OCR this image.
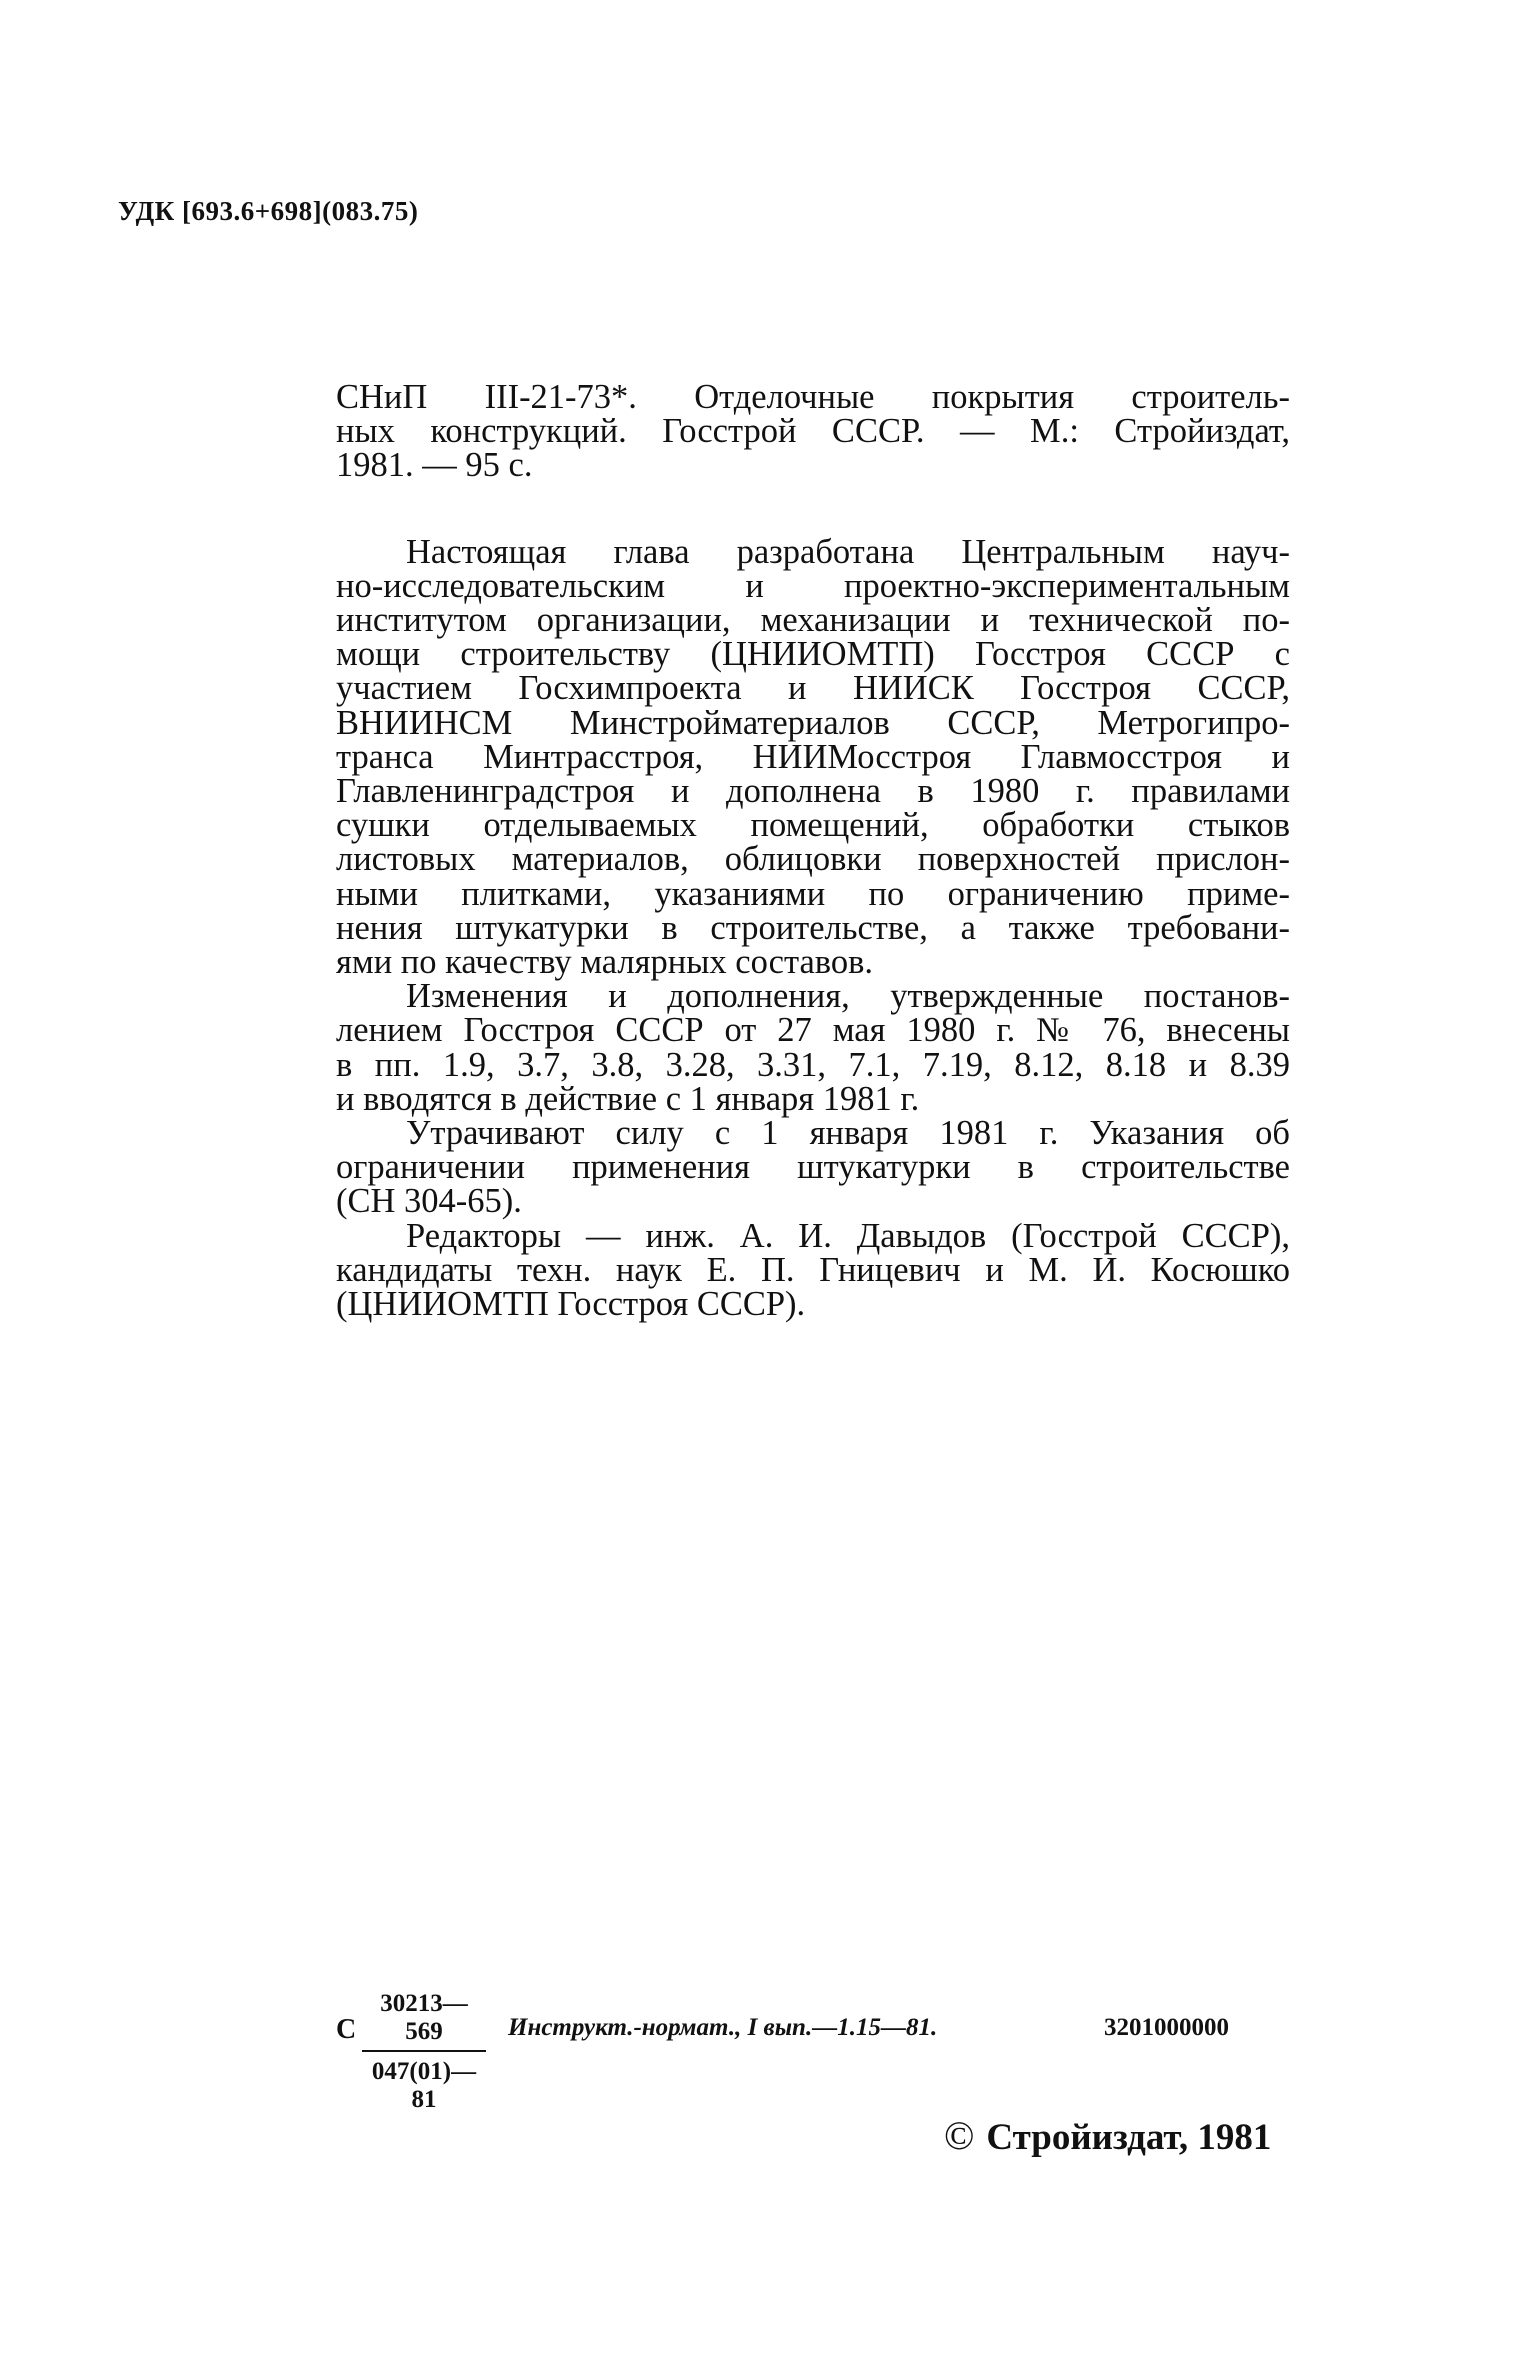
УДК [693.6+698](083.75)

СНиП III-21-73*. Отделочные покрытия строитель-
ных конструкций. Госстрой СССР. — М.: Стройиздат,
1981. — 95 с.

Настоящая глава разработана Центральным науч-
но-исследовательским и проектно-экспериментальным
институтом организации, механизации и технической по-
мощи строительству (ЦНИИОМТП) Госстроя СССР с
участием Госхимпроекта и НИИСК Госстроя СССР,
ВНИИНСМ Минстройматериалов СССР, Метрогипро-
транса Минтрасстроя, НИИМосстроя Главмосстроя и
Главленинградстроя и дополнена в 1980 г. правилами
сушки отделываемых помещений, обработки стыков
листовых материалов, облицовки поверхностей прислон-
ными плитками, указаниями по ограничению приме-
нения штукатурки в строительстве, а также требовани-
ями по качеству малярных составов.

Изменения и дополнения, утвержденные постанов-
лением Госстроя СССР от 27 мая 1980 г. № 76, внесены
в пп. 1.9, 3.7, 3.8, 3.28, 3.31, 7.1, 7.19, 8.12, 8.18 и 8.39
и вводятся в действие с 1 января 1981 г.

Утрачивают силу с 1 января 1981 г. Указания об
ограничении применения штукатурки в строительстве
(СН 304-65).

Редакторы — инж. А. И. Давыдов (Госстрой СССР),
кандидаты техн. наук Е. П. Гницевич и М. И. Косюшко
(ЦНИИОМТП Госстроя СССР).

С $\frac{30213—569}{047(01)—81}$ Инструкт.-нормат., I вып.—1.15—81.	3201000000
© Стройиздат, 1981
